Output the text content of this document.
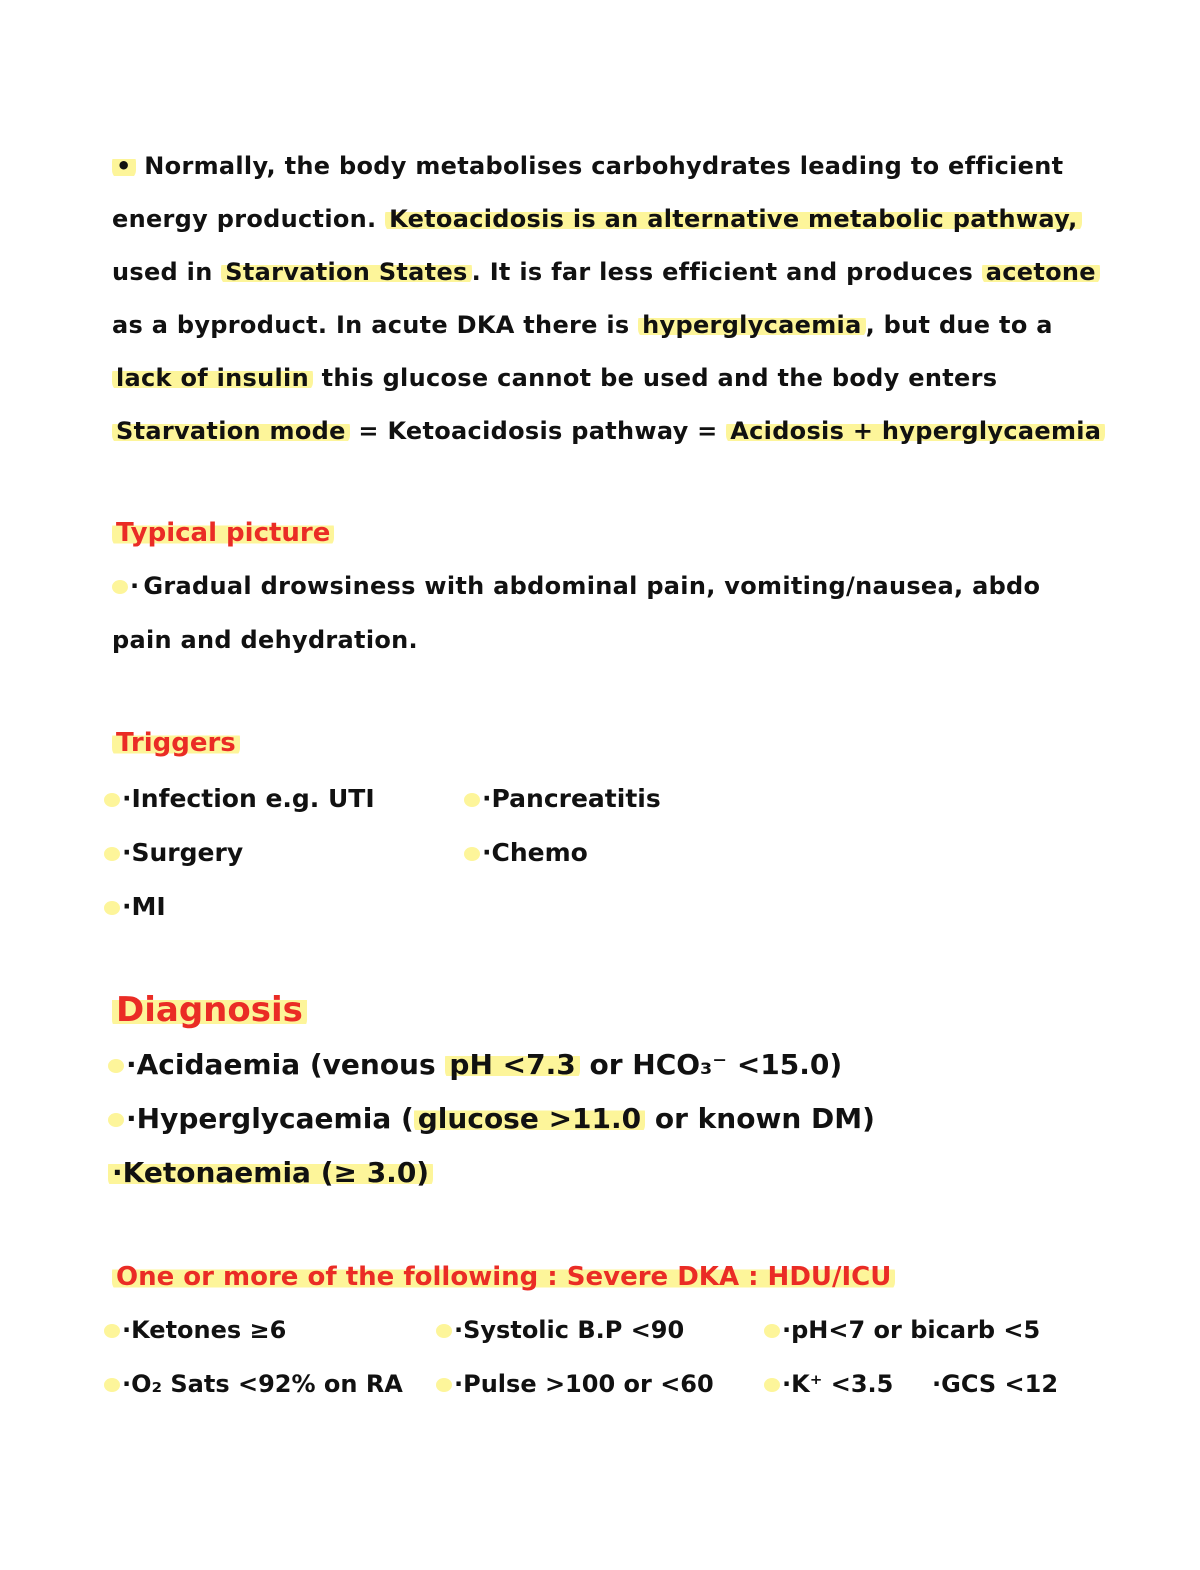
• Normally, the body metabolises carbohydrates leading to efficient
energy production. Ketoacidosis is an alternative metabolic pathway,
used in Starvation States . It is far less efficient and produces acetone
as a byproduct. In acute DKA there is hyperglycaemia , but due to a
lack of insulin this glucose cannot be used and the body enters
Starvation mode = Ketoacidosis pathway = Acidosis + hyperglycaemia
Typical picture
· Gradual drowsiness with abdominal pain, vomiting/nausea, abdo
pain and dehydration.
Triggers
·Infection e.g. UTI
·Surgery
·MI
·Pancreatitis
·Chemo
Diagnosis
·Acidaemia (venous pH <7.3 or HCO₃⁻ <15.0)
·Hyperglycaemia ( glucose >11.0 or known DM)
·Ketonaemia (≥ 3.0)
One or more of the following : Severe DKA : HDU/ICU
·Ketones ≥6
·O₂ Sats <92% on RA
·Systolic B.P <90
·Pulse >100 or <60
·pH<7 or bicarb <5
·K⁺ <3.5 ·GCS <12
